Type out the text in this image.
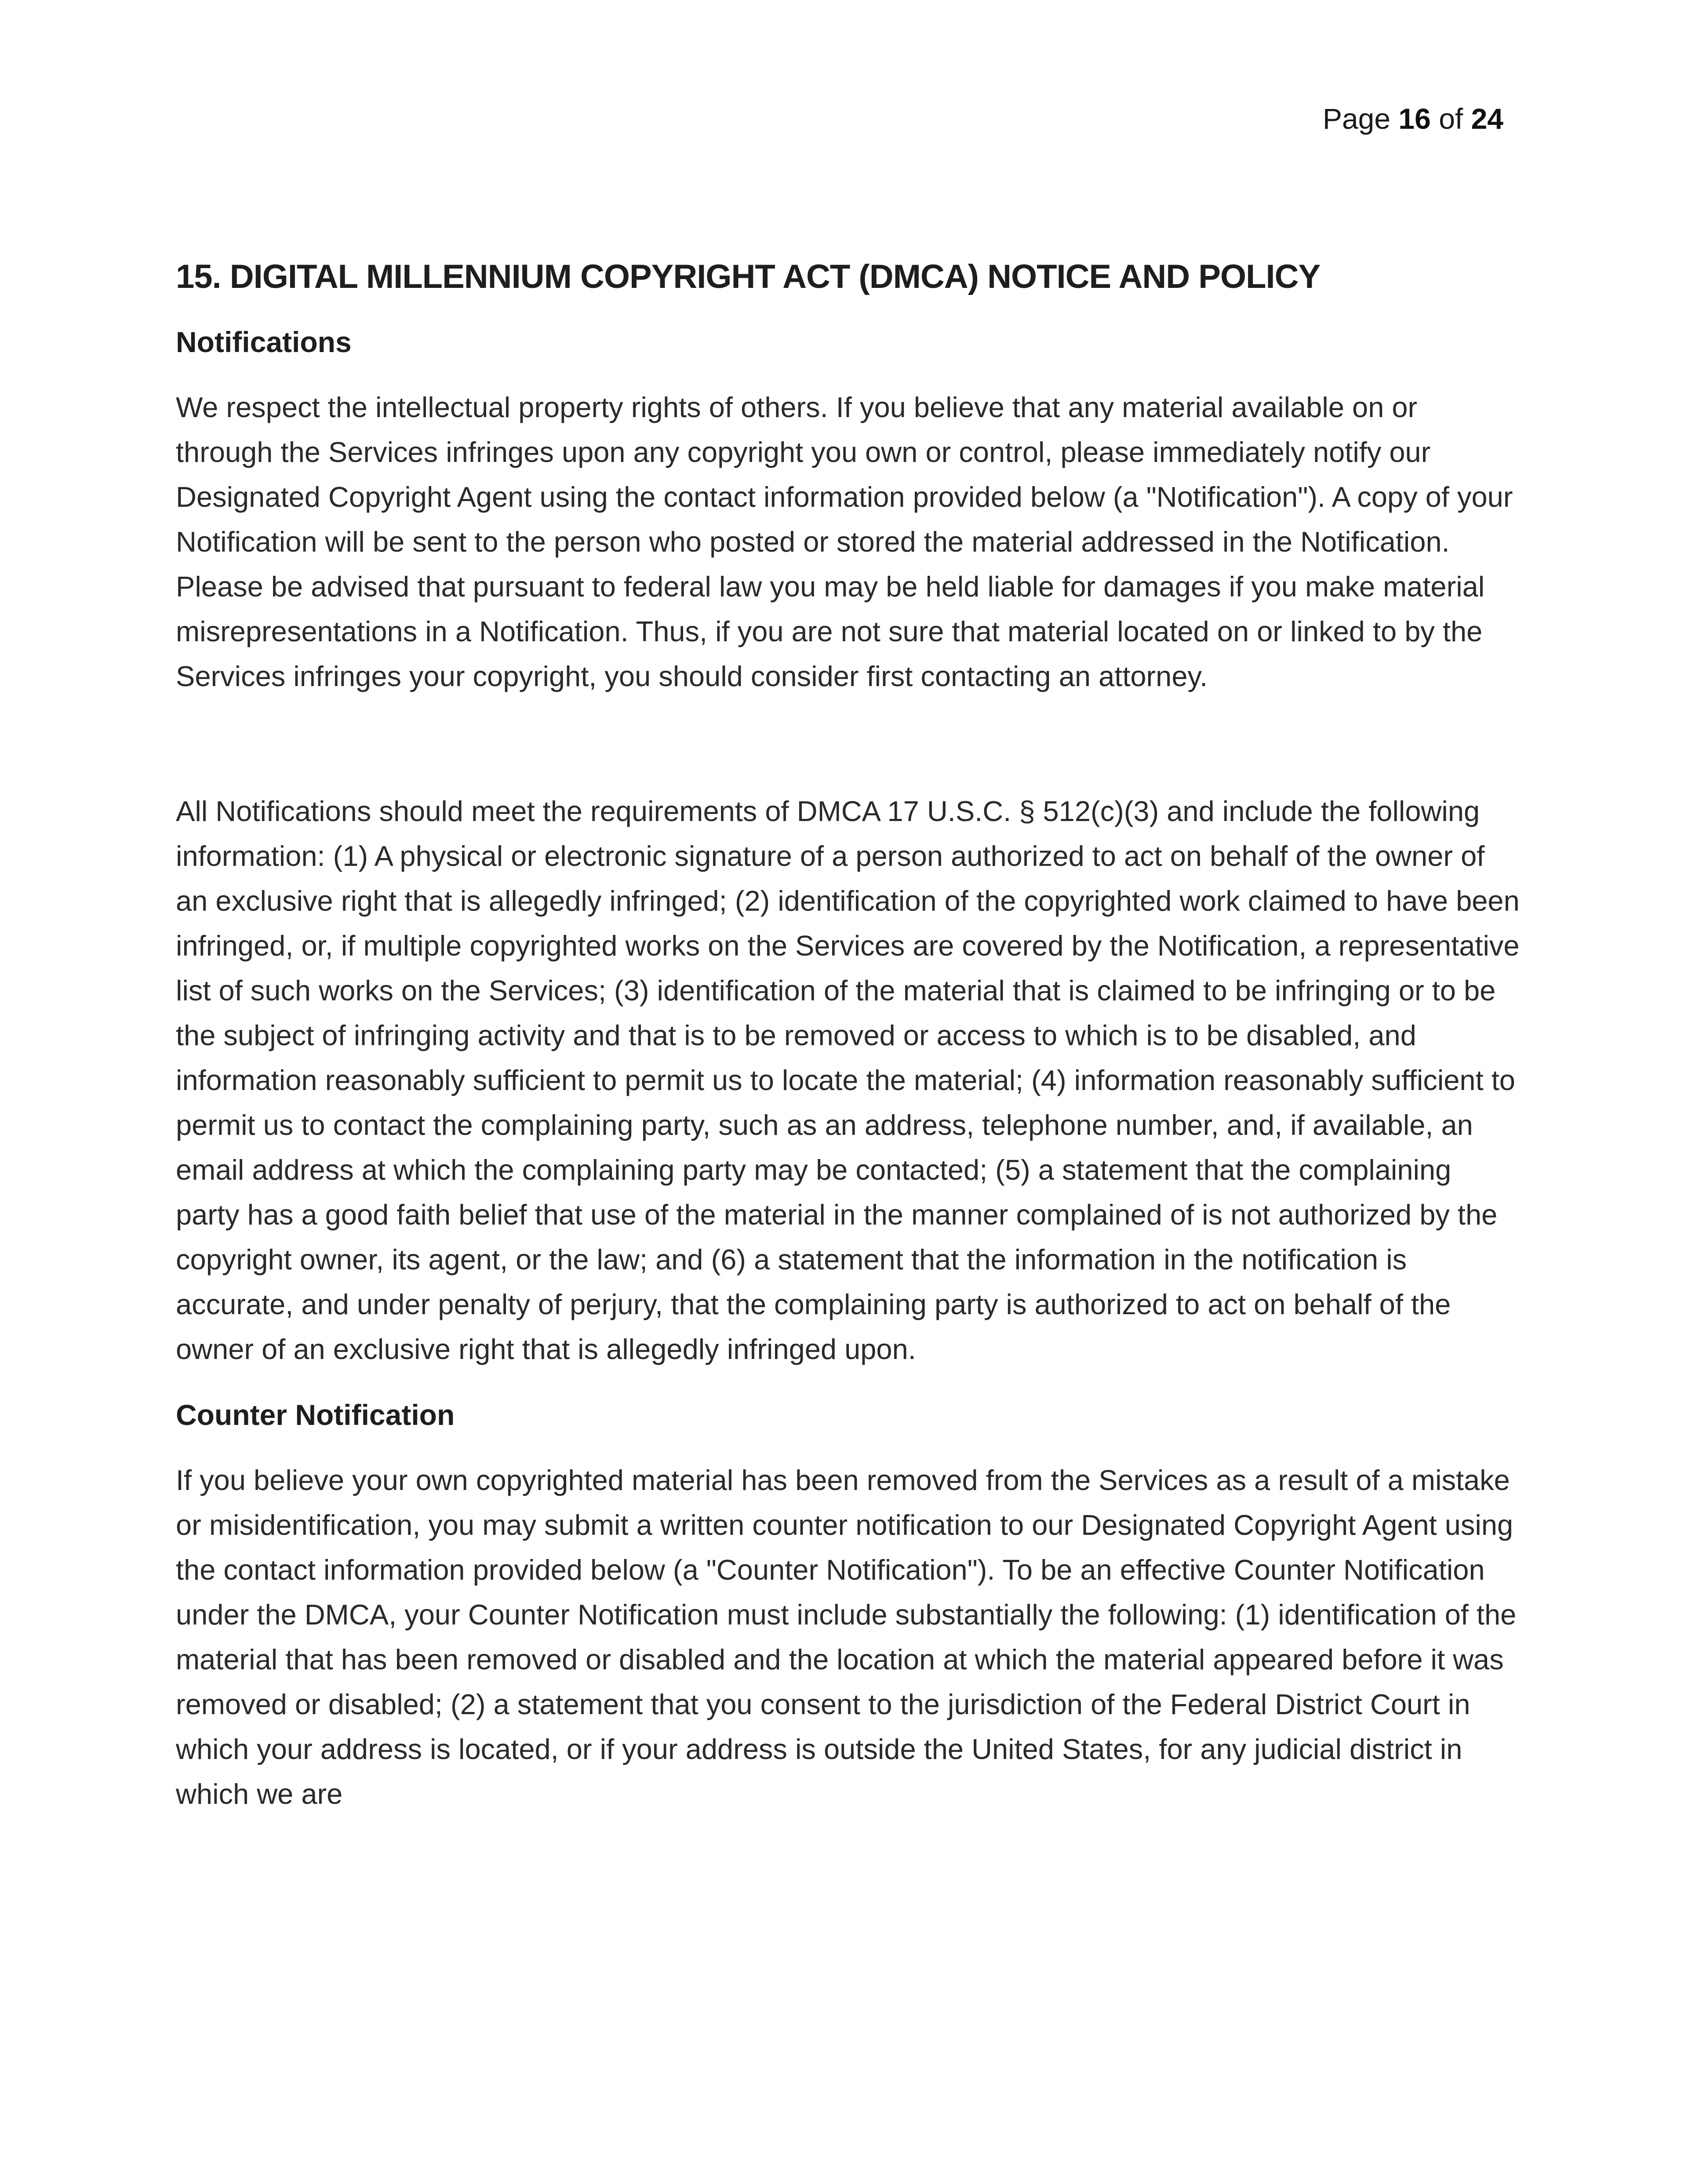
Page 16 of 24
15. DIGITAL MILLENNIUM COPYRIGHT ACT (DMCA) NOTICE AND POLICY
Notifications

We respect the intellectual property rights of others. If you believe that any material available on or through the Services infringes upon any copyright you own or control, please immediately notify our Designated Copyright Agent using the contact information provided below (a "Notification"). A copy of your Notification will be sent to the person who posted or stored the material addressed in the Notification. Please be advised that pursuant to federal law you may be held liable for damages if you make material misrepresentations in a Notification. Thus, if you are not sure that material located on or linked to by the Services infringes your copyright, you should consider first contacting an attorney.

All Notifications should meet the requirements of DMCA 17 U.S.C. § 512(c)(3) and include the following information: (1) A physical or electronic signature of a person authorized to act on behalf of the owner of an exclusive right that is allegedly infringed; (2) identification of the copyrighted work claimed to have been infringed, or, if multiple copyrighted works on the Services are covered by the Notification, a representative list of such works on the Services; (3) identification of the material that is claimed to be infringing or to be the subject of infringing activity and that is to be removed or access to which is to be disabled, and information reasonably sufficient to permit us to locate the material; (4) information reasonably sufficient to permit us to contact the complaining party, such as an address, telephone number, and, if available, an email address at which the complaining party may be contacted; (5) a statement that the complaining party has a good faith belief that use of the material in the manner complained of is not authorized by the copyright owner, its agent, or the law; and (6) a statement that the information in the notification is accurate, and under penalty of perjury, that the complaining party is authorized to act on behalf of the owner of an exclusive right that is allegedly infringed upon.

Counter Notification

If you believe your own copyrighted material has been removed from the Services as a result of a mistake or misidentification, you may submit a written counter notification to our Designated Copyright Agent using the contact information provided below (a "Counter Notification"). To be an effective Counter Notification under the DMCA, your Counter Notification must include substantially the following: (1) identification of the material that has been removed or disabled and the location at which the material appeared before it was removed or disabled; (2) a statement that you consent to the jurisdiction of the Federal District Court in which your address is located, or if your address is outside the United States, for any judicial district in which we are
